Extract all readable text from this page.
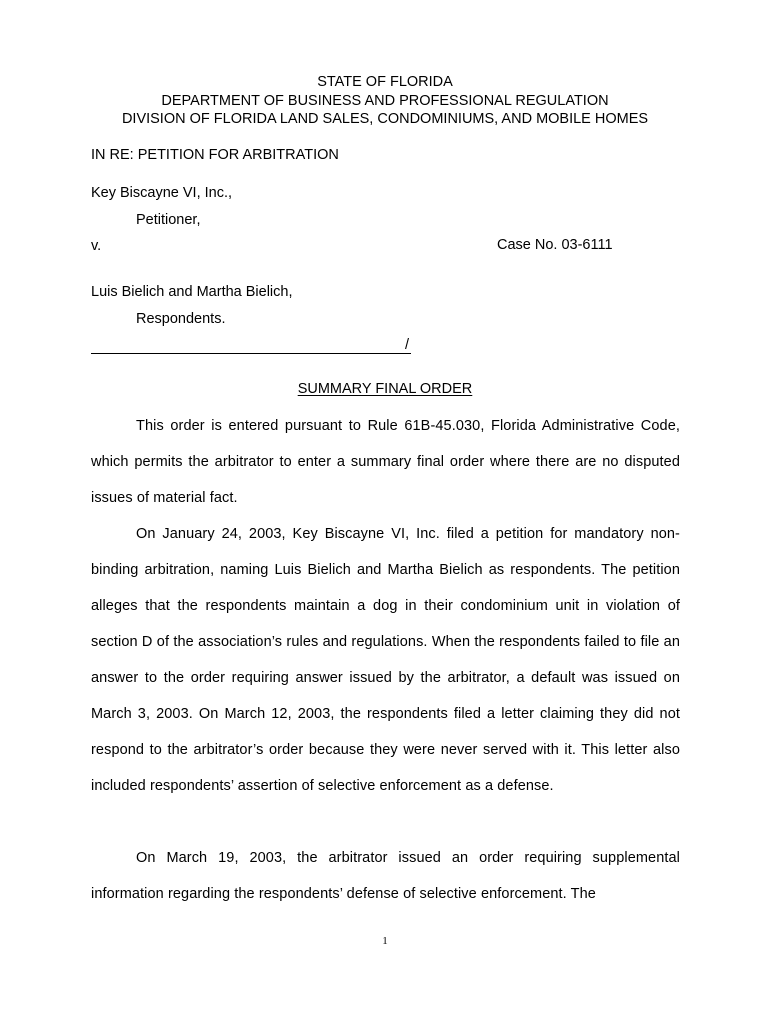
STATE OF FLORIDA
DEPARTMENT OF BUSINESS AND PROFESSIONAL REGULATION
DIVISION OF FLORIDA LAND SALES, CONDOMINIUMS, AND MOBILE HOMES
IN RE: PETITION FOR ARBITRATION
Key Biscayne VI, Inc.,
Petitioner,
v.	Case No. 03-6111
Luis Bielich and Martha Bielich,
Respondents.
/
SUMMARY FINAL ORDER

This order is entered pursuant to Rule 61B-45.030, Florida Administrative Code, which permits the arbitrator to enter a summary final order where there are no disputed issues of material fact.

On January 24, 2003, Key Biscayne VI, Inc. filed a petition for mandatory non-binding arbitration, naming Luis Bielich and Martha Bielich as respondents. The petition alleges that the respondents maintain a dog in their condominium unit in violation of section D of the association’s rules and regulations. When the respondents failed to file an answer to the order requiring answer issued by the arbitrator, a default was issued on March 3, 2003. On March 12, 2003, the respondents filed a letter claiming they did not respond to the arbitrator’s order because they were never served with it. This letter also included respondents’ assertion of selective enforcement as a defense.

On March 19, 2003, the arbitrator issued an order requiring supplemental information regarding the respondents’ defense of selective enforcement. The

1
